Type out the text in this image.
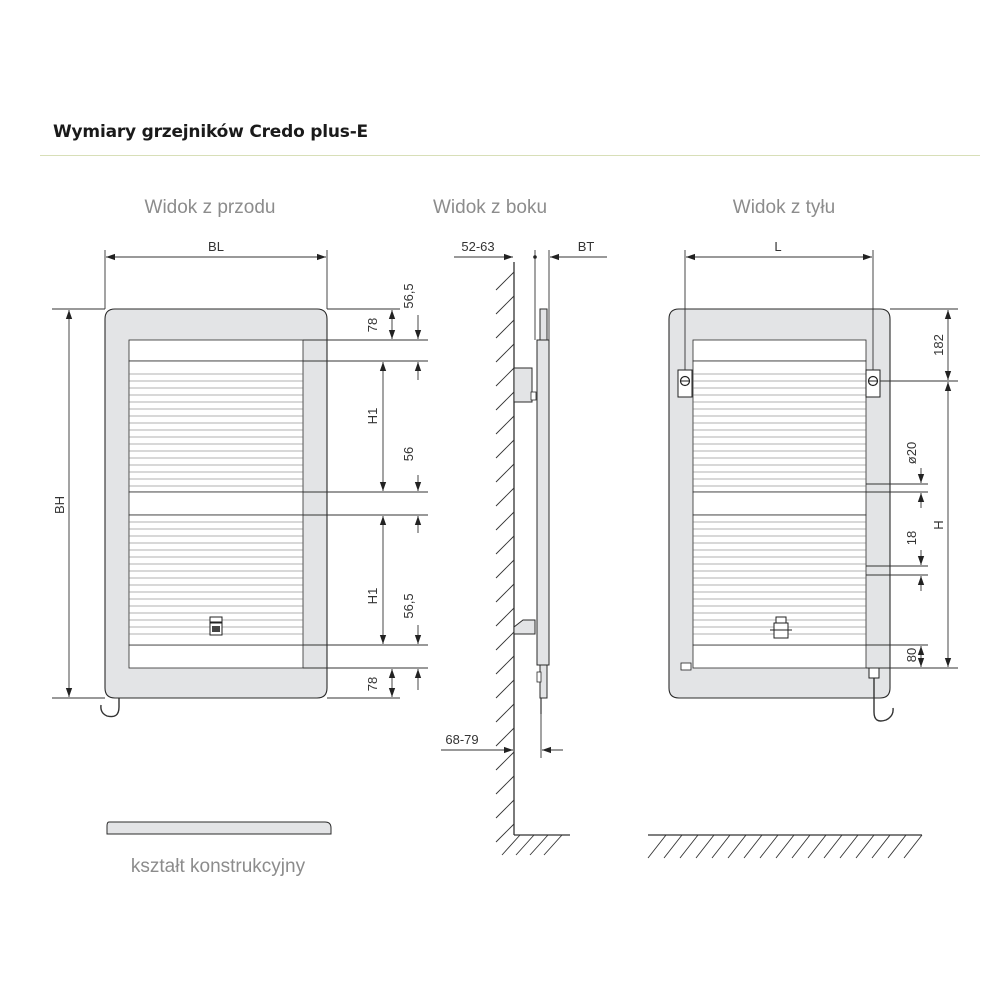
Wymiary grzejników Credo plus-E
Widok z przodu	Widok z boku	Widok z tyłu
kształt konstrukcyjny
BL
BH
78
56,5
H1
56
H1 56,5
78
52-63	BT
68-79
L
182
H
ø20
18
80
